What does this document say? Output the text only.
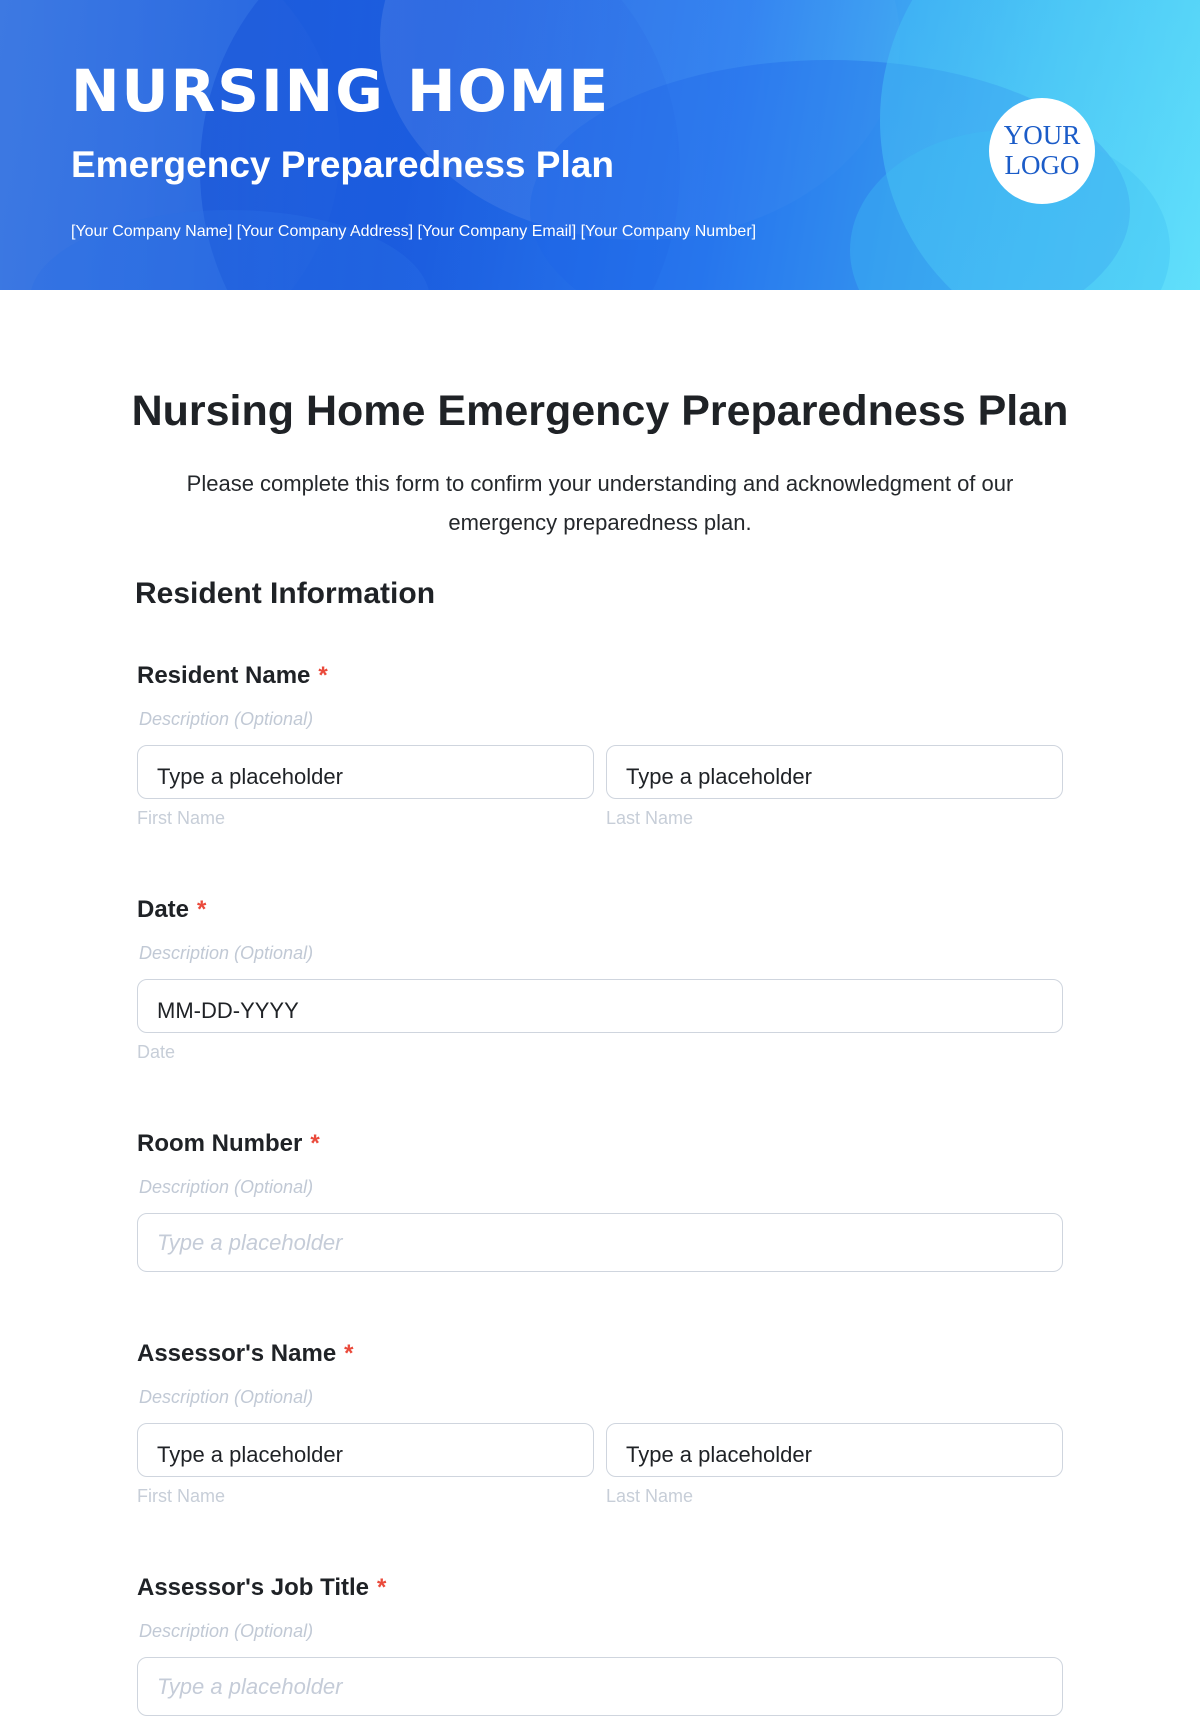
NURSING HOME
Emergency Preparedness Plan
[Your Company Name] [Your Company Address] [Your Company Email] [Your Company Number]
YOUR
LOGO
Nursing Home Emergency Preparedness Plan

Please complete this form to confirm your understanding and acknowledgment of our emergency preparedness plan.

Resident Information
Resident Name *
Description (Optional)
Type a placeholder	Type a placeholder
First Name	Last Name
Date *
Description (Optional)
MM-DD-YYYY
Date
Room Number *
Description (Optional)
Type a placeholder
Assessor's Name *
Description (Optional)
Type a placeholder	Type a placeholder
First Name	Last Name
Assessor's Job Title *
Description (Optional)
Type a placeholder
